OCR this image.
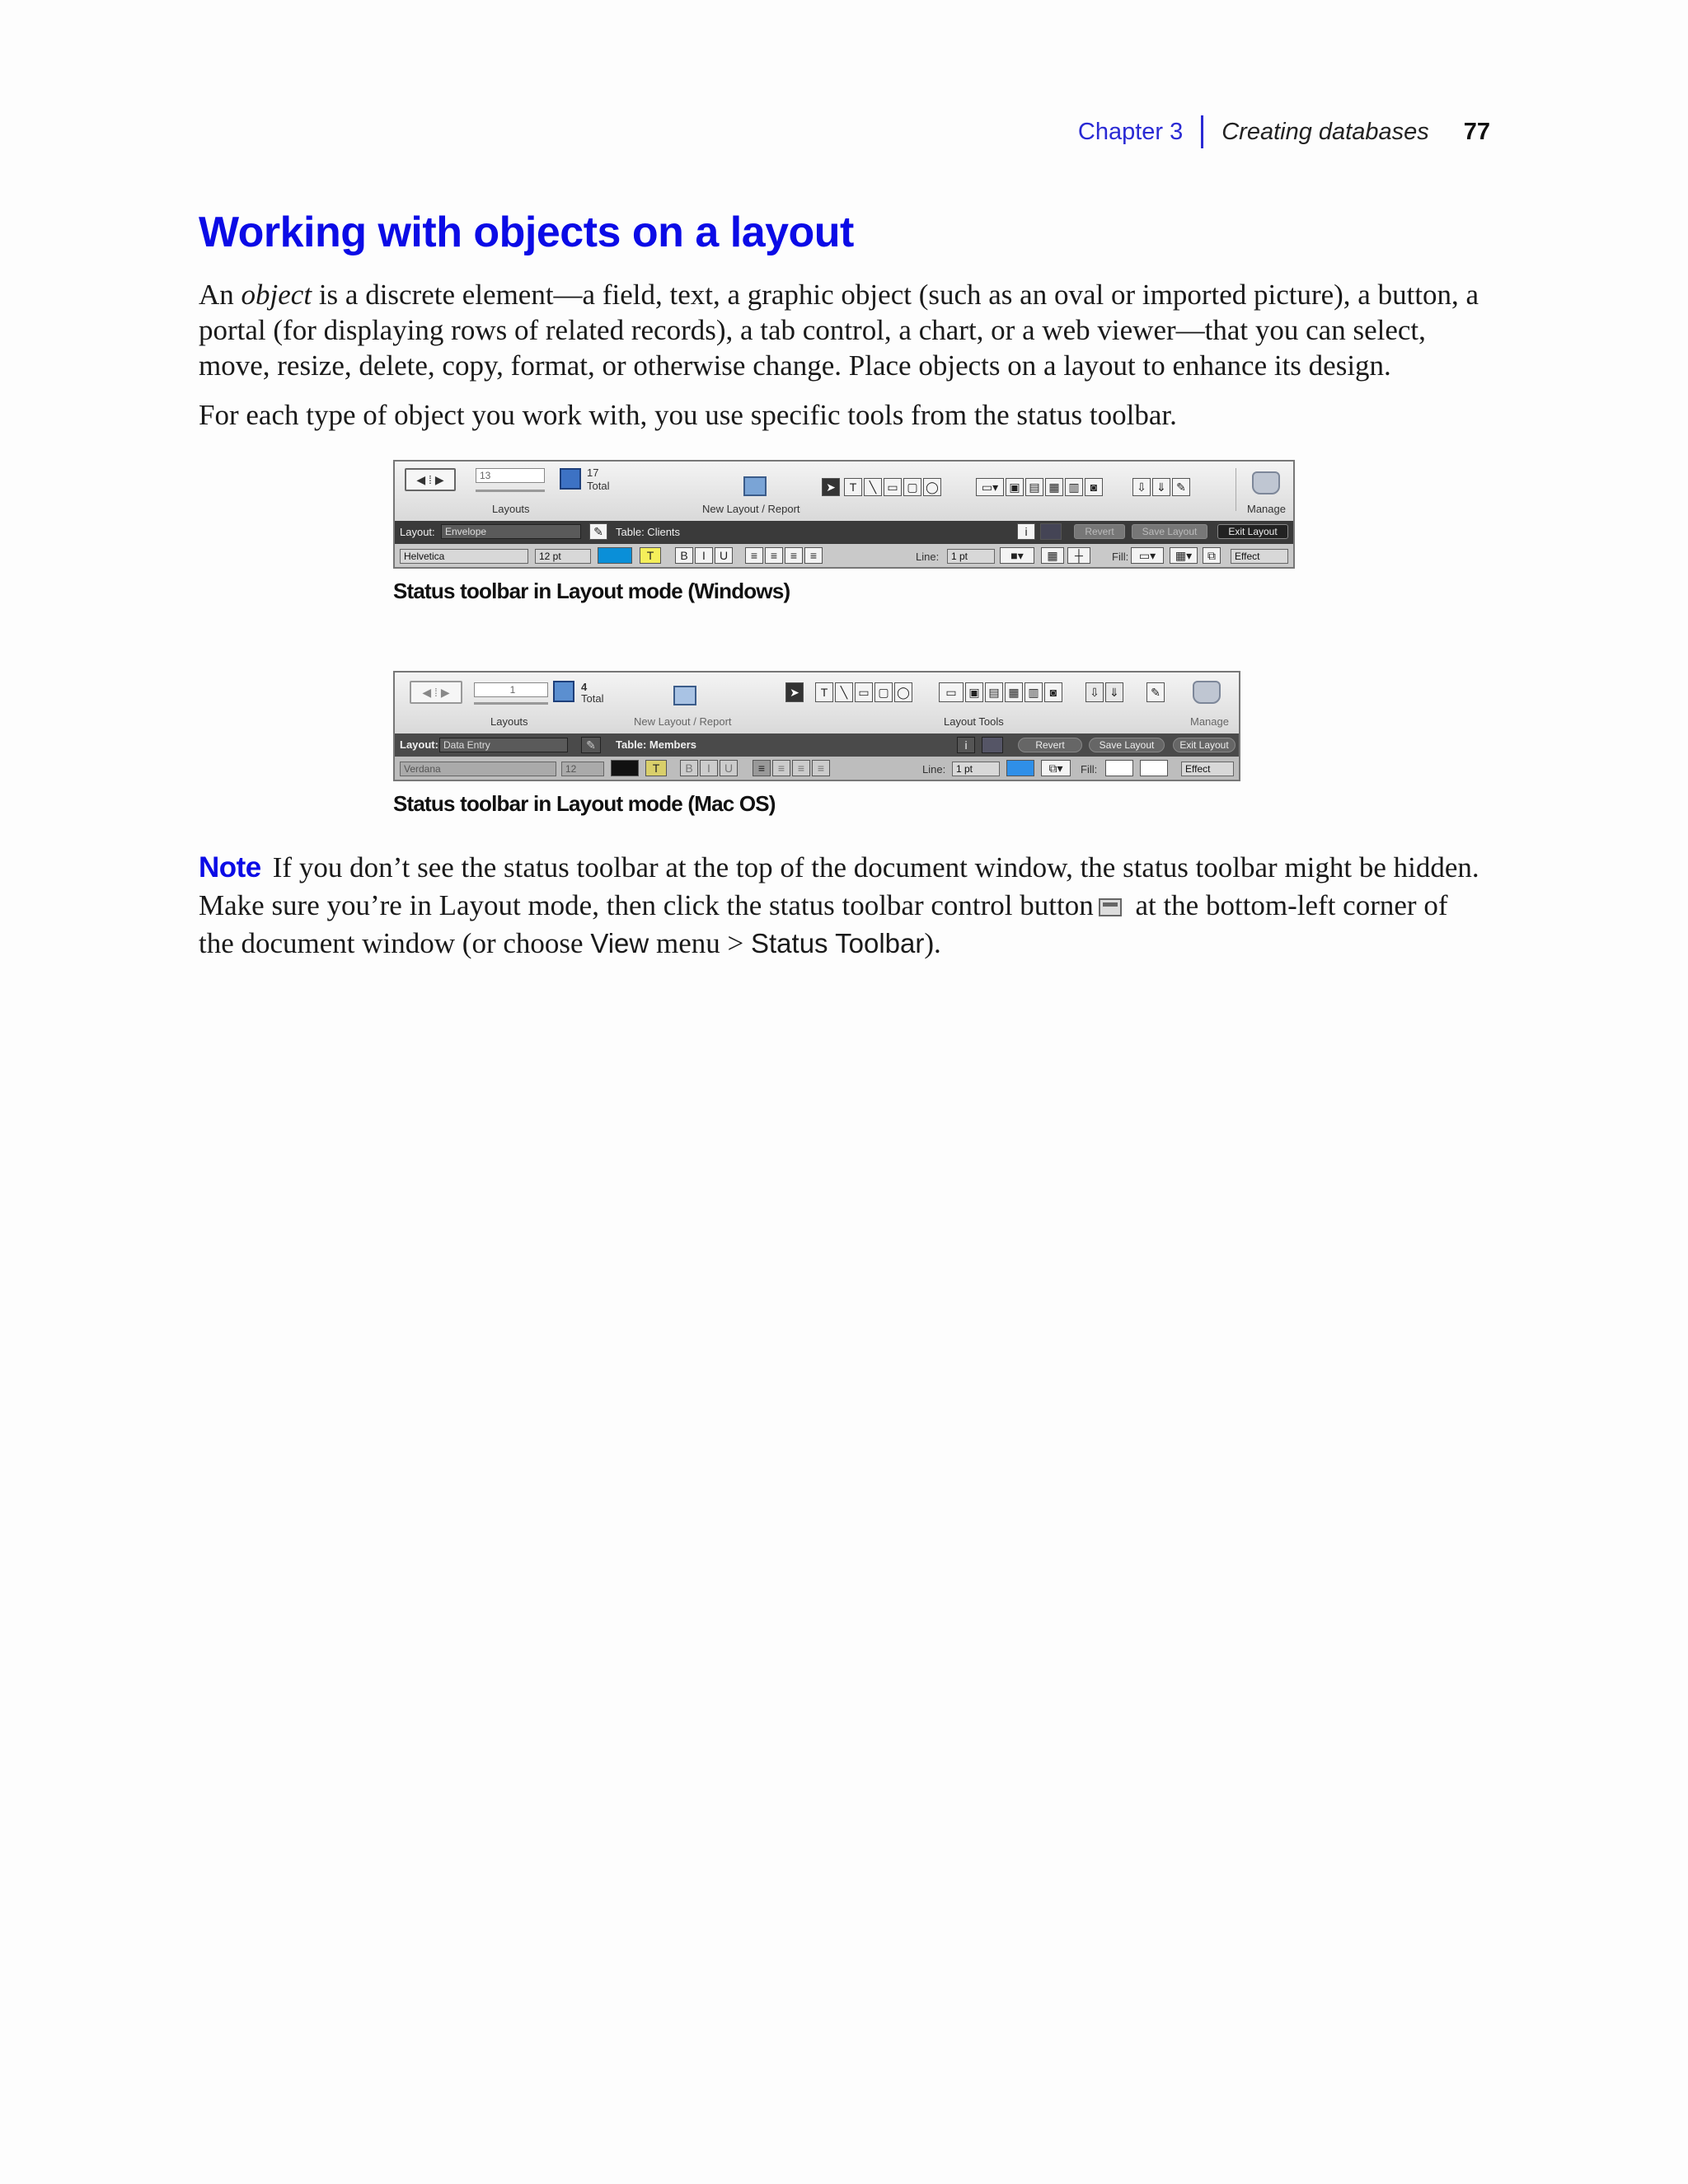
Chapter 3 Creating databases 77
Working with objects on a layout

An object is a discrete element—a field, text, a graphic object (such as an oval or imported picture), a button, a portal (for displaying rows of related records), a tab control, a chart, or a web viewer—that you can select, move, resize, delete, copy, format, or otherwise change. Place objects on a layout to enhance its design.

For each type of object you work with, you use specific tools from the status toolbar.

◀ ⁞ ▶	13	17
Total
Layouts	New Layout / Report
➤	T	╲ ▭ ▢ ◯	▭▾ ▣ ▤ ▦ ▥ ◙	⇩ ⇓ ✎
Manage
Layout:	Envelope	✎	Table: Clients	i	Revert	Save Layout	Exit Layout
Helvetica	12 pt	T	B	I	U	≡	≡	≡	≡	Line:	1 pt	■▾	▦	┼	Fill: ▭▾	▦▾	⧉	Effect
Status toolbar in Layout mode (Windows)
◀ ⁞ ▶	1	4
Total
Layouts	New Layout / Report
➤	T	╲ ▭ ▢ ◯	▭	▣ ▤ ▦ ▥ ◙
Layout Tools
⇩ ⇓	✎
Manage
Layout: Data Entry	✎	Table: Members	i	Revert	Save Layout	Exit Layout
Verdana	12	T	B	I	U	≡	≡	≡	≡	Line:	1 pt	⧉▾	Fill:	Effect
Status toolbar in Layout mode (Mac OS)

Note If you don’t see the status toolbar at the top of the document window, the status toolbar might be hidden. Make sure you’re in Layout mode, then click the status toolbar control button at the bottom-left corner of the document window (or choose View menu > Status Toolbar).
